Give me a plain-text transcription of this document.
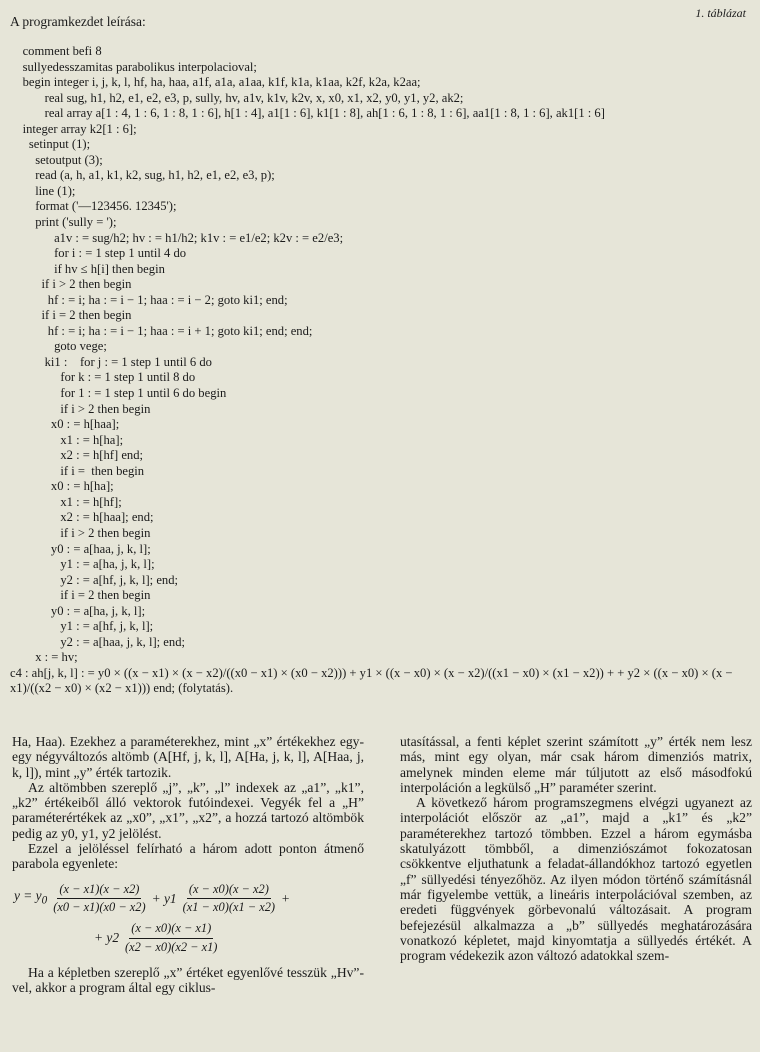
1. táblázat
A programkezdet leírása:
comment befi 8
sullyedesszamitas parabolikus interpolacioval;
begin integer i, j, k, l, hf, ha, haa, a1f, a1a, a1aa, k1f, k1a, k1aa, k2f, k2a, k2aa;
real sug, h1, h2, e1, e2, e3, p, sully, hv, a1v, k1v, k2v, x, x0, x1, x2, y0, y1, y2, ak2;
real array a[1 : 4, 1 : 6, 1 : 8, 1 : 6], h[1 : 4], a1[1 : 6], k1[1 : 8], ah[1 : 6, 1 : 8, 1 : 6], aa1[1 : 8, 1 : 6], ak1[1 : 6]
integer array k2[1 : 6];
setinput (1);
setoutput (3);
read (a, h, a1, k1, k2, sug, h1, h2, e1, e2, e3, p);
line (1);
format ('—123456. 12345');
print ('sully = ');
a1v : = sug/h2; hv : = h1/h2; k1v : = e1/e2; k2v : = e2/e3;
for i : = 1 step 1 until 4 do
if hv ≤ h[i] then begin
if i > 2 then begin
hf : = i; ha : = i − 1; haa : = i − 2; goto ki1; end;
if i = 2 then begin
hf : = i; ha : = i − 1; haa : = i + 1; goto ki1; end; end;
goto vege;
ki1 :    for j : = 1 step 1 until 6 do
for k : = 1 step 1 until 8 do
for 1 : = 1 step 1 until 6 do begin
if i > 2 then begin
x0 : = h[haa];
x1 : = h[ha];
x2 : = h[hf] end;
if i =  then begin
x0 : = h[ha];
x1 : = h[hf];
x2 : = h[haa]; end;
if i > 2 then begin
y0 : = a[haa, j, k, l];
y1 : = a[ha, j, k, l];
y2 : = a[hf, j, k, l]; end;
if i = 2 then begin
y0 : = a[ha, j, k, l];
y1 : = a[hf, j, k, l];
y2 : = a[haa, j, k, l]; end;
x : = hv;
c4 : ah[j, k, l] : = y0 × ((x − x1) × (x − x2)/((x0 − x1) × (x0 − x2))) + y1 × ((x − x0) × (x − x2)/((x1 − x0) × (x1 − x2)) + + y2 × ((x − x0) × (x − x1)/((x2 − x0) × (x2 − x1))) end; (folytatás).

Ha, Haa). Ezekhez a paraméterekhez, mint „x” értékekhez egy-egy négyváltozós altömb (A[Hf, j, k, l], A[Ha, j, k, l], A[Haa, j, k, l]), mint „y” érték tartozik.

Az altömbben szereplő „j”, „k”, „l” indexek az „a1”, „k1”, „k2” értékeiből álló vektorok futóindexei. Vegyék fel a „H” paraméterértékek az „x0”, „x1”, „x2”, a hozzá tartozó altömbök pedig az y0, y1, y2 jelölést.

Ezzel a jelöléssel felírható a három adott ponton átmenő parabola egyenlete:

$y = y_0 \frac{(x - x1)(x - x2)}{(x0 - x1)(x0 - x2)} + y1 \frac{(x - x0)(x - x2)}{(x1 - x0)(x1 - x2)}$ +
+ $y2 \frac{(x - x0)(x - x1)}{(x2 - x0)(x2 - x1)}$

Ha a képletben szereplő „x” értéket egyenlővé tesszük „Hv”-vel, akkor a program által egy ciklus-

utasítással, a fenti képlet szerint számított „y” érték nem lesz más, mint egy olyan, már csak három dimenziós matrix, amelynek minden eleme már túljutott az első másodfokú interpoláción a legkülső „H” paraméter szerint.

A következő három programszegmens elvégzi ugyanezt az interpolációt először az „a1”, majd a „k1” és „k2” paraméterekhez tartozó tömbben. Ezzel a három egymásba skatulyázott tömbből, a dimenziószámot fokozatosan csökkentve eljuthatunk a feladat-állandókhoz tartozó egyetlen „f” süllyedési tényezőhöz. Az ilyen módon történő számításnál már figyelembe vettük, a lineáris interpolációval szemben, az eredeti függvények görbevonalú változásait. A program befejezésül alkalmazza a „b” süllyedés meghatározására vonatkozó képletet, majd kinyomtatja a süllyedés értékét. A program védekezik azon változó adatokkal szem-
